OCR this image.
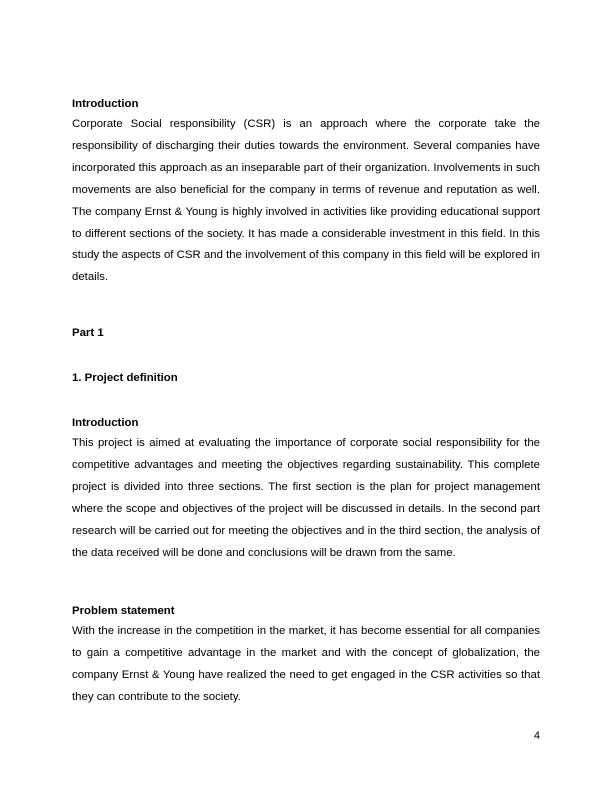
Introduction

Corporate Social responsibility (CSR) is an approach where the corporate take the responsibility of discharging their duties towards the environment. Several companies have incorporated this approach as an inseparable part of their organization. Involvements in such movements are also beneficial for the company in terms of revenue and reputation as well. The company Ernst & Young is highly involved in activities like providing educational support to different sections of the society. It has made a considerable investment in this field. In this study the aspects of CSR and the involvement of this company in this field will be explored in details.

Part 1

1. Project definition

Introduction

This project is aimed at evaluating the importance of corporate social responsibility for the competitive advantages and meeting the objectives regarding sustainability. This complete project is divided into three sections. The first section is the plan for project management where the scope and objectives of the project will be discussed in details. In the second part research will be carried out for meeting the objectives and in the third section, the analysis of the data received will be done and conclusions will be drawn from the same.

Problem statement

With the increase in the competition in the market, it has become essential for all companies to gain a competitive advantage in the market and with the concept of globalization, the company Ernst & Young have realized the need to get engaged in the CSR activities so that they can contribute to the society.

4
